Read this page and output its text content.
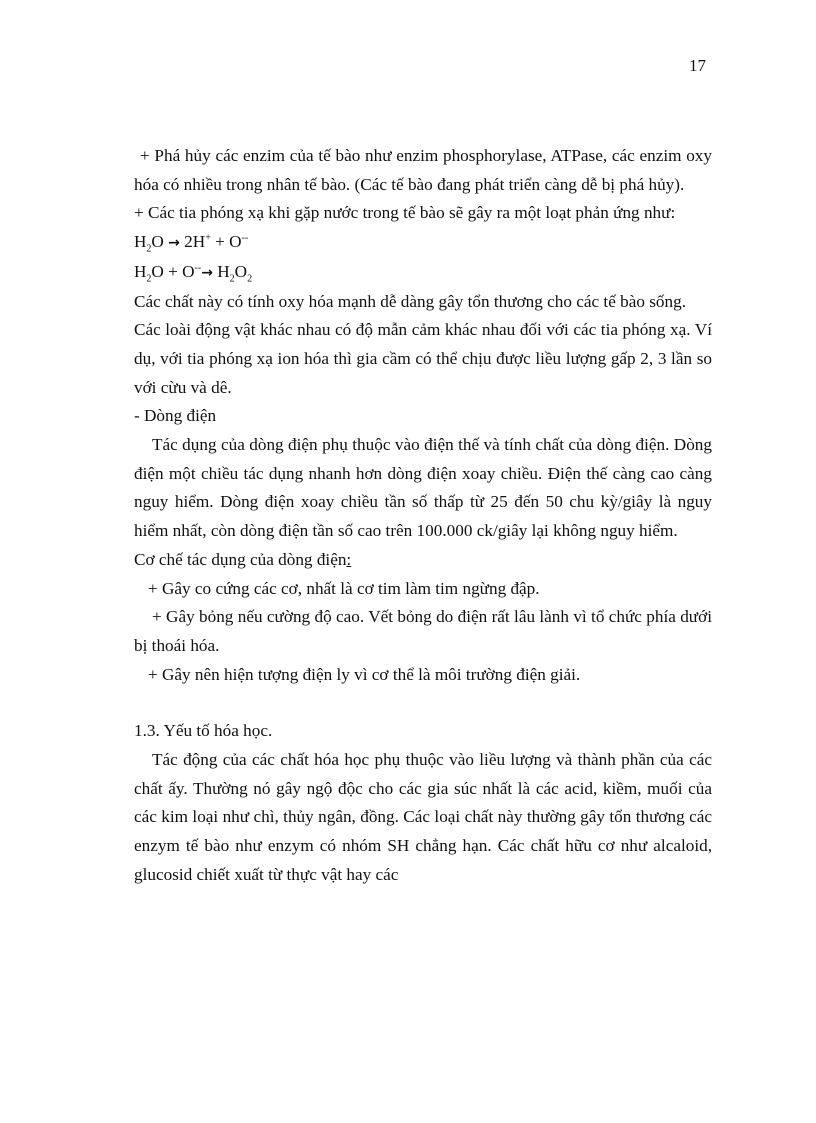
17

+ Phá hủy các enzim của tế bào như enzim phosphorylase, ATPase, các enzim oxy hóa có nhiều trong nhân tế bào. (Các tế bào đang phát triển càng dễ bị phá hủy).

+ Các tia phóng xạ khi gặp nước trong tế bào sẽ gây ra một loạt phản ứng như:

$H_2O \to 2H^+ + O^{--}$

$H_2O + O^{--}\to H_2O_2$

Các chất này có tính oxy hóa mạnh dễ dàng gây tổn thương cho các tế bào sống.

Các loài động vật khác nhau có độ mẫn cảm khác nhau đối với các tia phóng xạ. Ví dụ, với tia phóng xạ ion hóa thì gia cầm có thể chịu được liều lượng gấp 2, 3 lần so với cừu và dê.

- Dòng điện

Tác dụng của dòng điện phụ thuộc vào điện thế và tính chất của dòng điện. Dòng điện một chiều tác dụng nhanh hơn dòng điện xoay chiều. Điện thế càng cao càng nguy hiểm. Dòng điện xoay chiều tần số thấp từ 25 đến 50 chu kỳ/giây là nguy hiểm nhất, còn dòng điện tần số cao trên 100.000 ck/giây lại không nguy hiểm.

Cơ chế tác dụng của dòng điện:

+ Gây co cứng các cơ, nhất là cơ tim làm tim ngừng đập.

+ Gây bỏng nếu cường độ cao. Vết bỏng do điện rất lâu lành vì tổ chức phía dưới bị thoái hóa.

+ Gây nên hiện tượng điện ly vì cơ thể là môi trường điện giải.

1.3. Yếu tố hóa học.

Tác động của các chất hóa học phụ thuộc vào liều lượng và thành phần của các chất ấy. Thường nó gây ngộ độc cho các gia súc nhất là các acid, kiềm, muối của các kim loại như chì, thủy ngân, đồng. Các loại chất này thường gây tổn thương các enzym tế bào như enzym có nhóm SH chẳng hạn. Các chất hữu cơ như alcaloid, glucosid chiết xuất từ thực vật hay các
